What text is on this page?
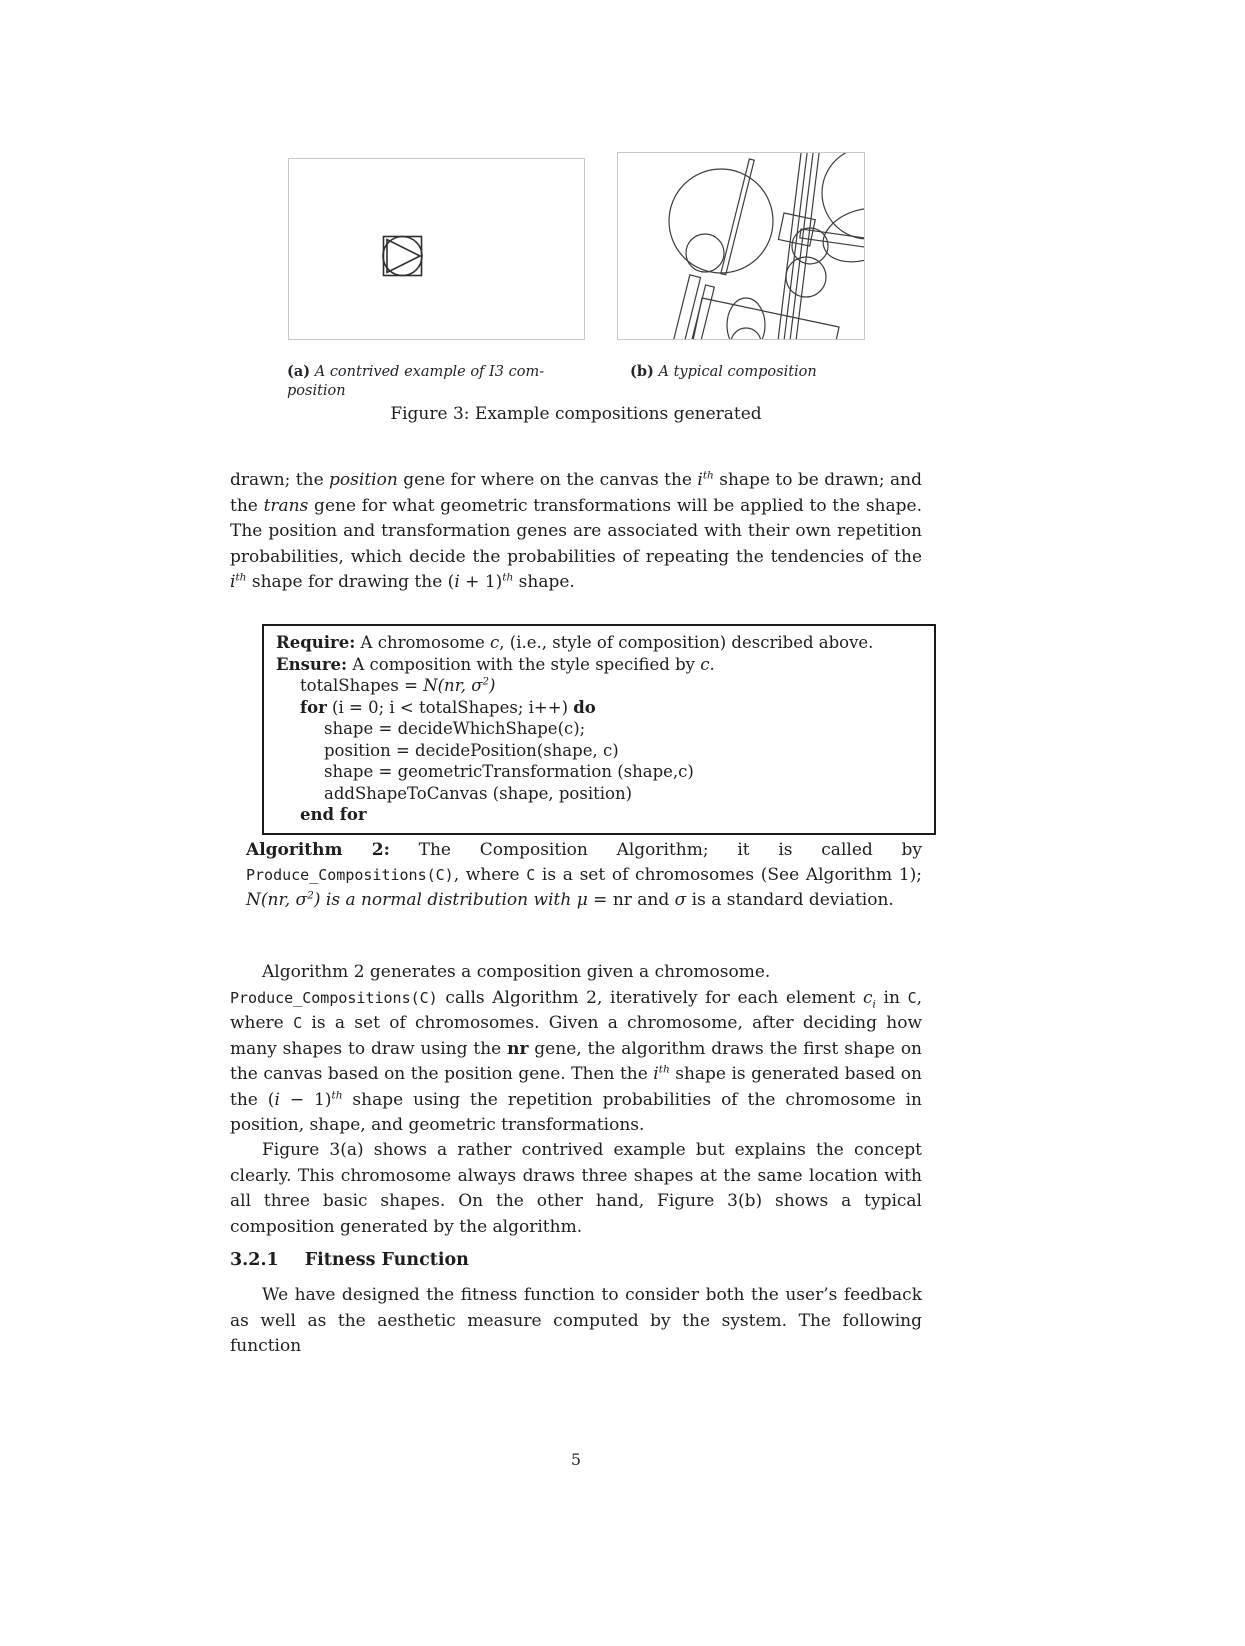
(a) A contrived example of I3 com-
position
(b) A typical composition
Figure 3: Example compositions generated
drawn; the position gene for where on the canvas the $i^{th}$ shape to be drawn; and the trans gene for what geometric transformations will be applied to the shape. The position and transformation genes are associated with their own repetition probabilities, which decide the probabilities of repeating the tendencies of the $i^{th}$ shape for drawing the $(i + 1)^{th}$ shape.
Require: A chromosome c, (i.e., style of composition) described above.
Ensure: A composition with the style specified by c.
totalShapes = N(nr, $\sigma^2$)
for (i = 0; i < totalShapes; i++) do
shape = decideWhichShape(c);
position = decidePosition(shape, c)
shape = geometricTransformation (shape,c)
addShapeToCanvas (shape, position)
end for
Algorithm 2: The Composition Algorithm; it is called by Produce_Compositions(C), where C is a set of chromosomes (See Algorithm 1); N(nr, $\sigma^2$) is a normal distribution with μ = nr and σ is a standard deviation.
Algorithm 2 generates a composition given a chromosome.
Produce_Compositions(C) calls Algorithm 2, iteratively for each element $c_i$ in C, where C is a set of chromosomes. Given a chromosome, after deciding how many shapes to draw using the nr gene, the algorithm draws the first shape on the canvas based on the position gene. Then the $i^{th}$ shape is generated based on the $(i - 1)^{th}$ shape using the repetition probabilities of the chromosome in position, shape, and geometric transformations.
Figure 3(a) shows a rather contrived example but explains the concept clearly. This chromosome always draws three shapes at the same location with all three basic shapes. On the other hand, Figure 3(b) shows a typical composition generated by the algorithm.
3.2.1 Fitness Function
We have designed the fitness function to consider both the user’s feedback as well as the aesthetic measure computed by the system. The following function
5
